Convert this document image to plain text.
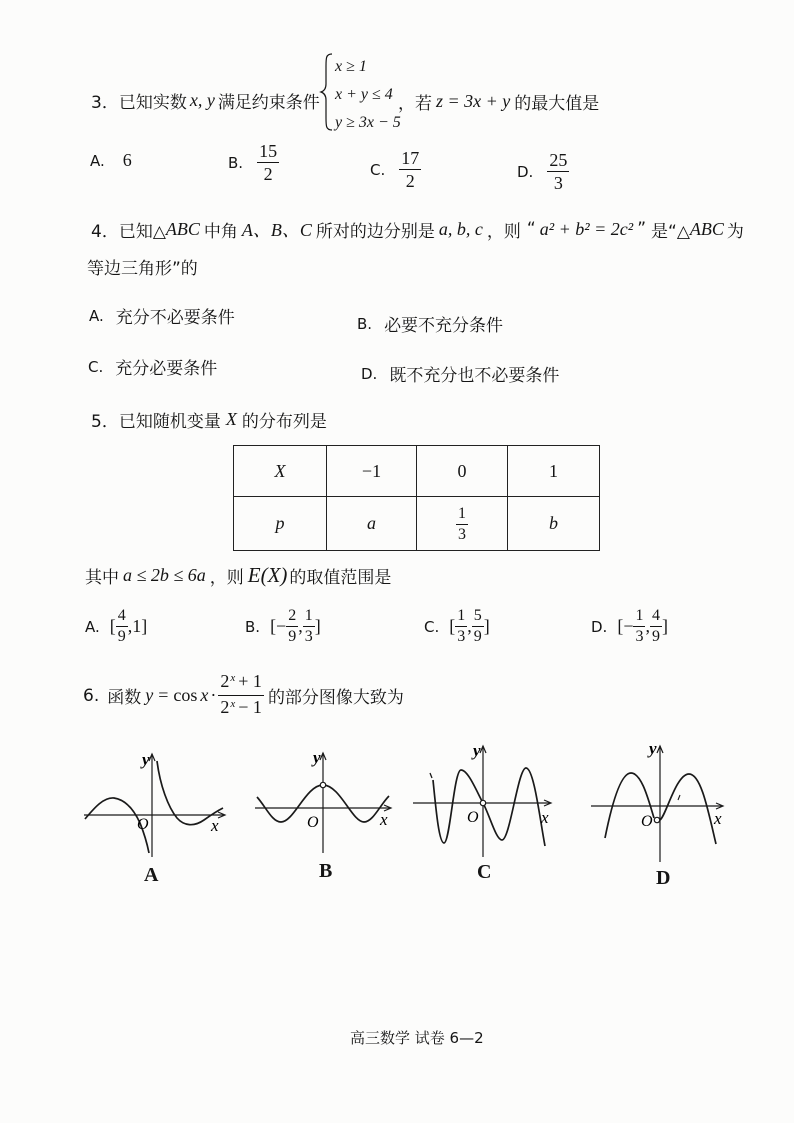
3． 已知实数 x, y 满足约束条件
x ≥ 1
x + y ≤ 4
y ≥ 3x − 5
，若 z = 3x + y 的最大值是
A. 6	B. $\frac{15}{2}$	C. $\frac{17}{2}$	D. $\frac{25}{3}$
4． 已知△ ABC 中角 A、B、C 所对的边分别是 a, b, c ，则 “ a² + b² = 2c² ” 是“△ ABC 为
等边三角形”的
A. 充分不必要条件	B. 必要不充分条件
C. 充分必要条件	D. 既不充分也不必要条件
5． 已知随机变量 X 的分布列是
X	−1	0	1
p	a	$\frac{1}{3}$	b
其中 a ≤ 2b ≤ 6a ，则 E(X) 的取值范围是
A. [ $\frac{4}{9} ,1$]	B. [− $\frac{2}{9}$ , $\frac{1}{3}$ ]	C. [ $\frac{1}{3}$ , $\frac{5}{9}$ ]	D. [− $\frac{1}{3}$ , $\frac{4}{9}$ ]
6. 函数 $y = \cos x \cdot \frac{2^x + 1}{2^x - 1}$ 的部分图像大致为
y
O	x
A
y
O	x
B
y
O	x
C
y
O	x
D
高三数学 试卷 6—2
